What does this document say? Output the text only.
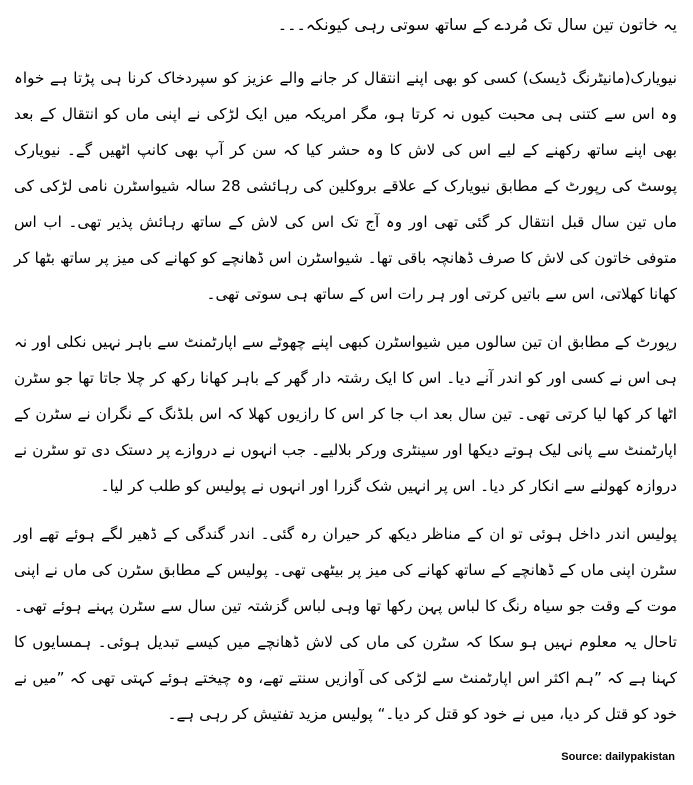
یہ خاتون تین سال تک مُردے کے ساتھ سوتی رہی کیونکہ۔۔۔

نیویارک(مانیٹرنگ ڈیسک) کسی کو بھی اپنے انتقال کر جانے والے عزیز کو سپردخاک کرنا ہی پڑتا ہے خواہ وہ اس سے کتنی ہی محبت کیوں نہ کرتا ہو، مگر امریکہ میں ایک لڑکی نے اپنی ماں کو انتقال کے بعد بھی اپنے ساتھ رکھنے کے لیے اس کی لاش کا وہ حشر کیا کہ سن کر آپ بھی کانپ اٹھیں گے۔ نیویارک پوسٹ کی رپورٹ کے مطابق نیویارک کے علاقے بروکلین کی رہائشی 28 سالہ شیواسٹرن نامی لڑکی کی ماں تین سال قبل انتقال کر گئی تھی اور وہ آج تک اس کی لاش کے ساتھ رہائش پذیر تھی۔ اب اس متوفی خاتون کی لاش کا صرف ڈھانچہ باقی تھا۔ شیواسٹرن اس ڈھانچے کو کھانے کی میز پر ساتھ بٹھا کر کھانا کھلاتی، اس سے باتیں کرتی اور ہر رات اس کے ساتھ ہی سوتی تھی۔

رپورٹ کے مطابق ان تین سالوں میں شیواسٹرن کبھی اپنے چھوٹے سے اپارٹمنٹ سے باہر نہیں نکلی اور نہ ہی اس نے کسی اور کو اندر آنے دیا۔ اس کا ایک رشتہ دار گھر کے باہر کھانا رکھ کر چلا جاتا تھا جو سٹرن اٹھا کر کھا لیا کرتی تھی۔ تین سال بعد اب جا کر اس کا رازیوں کھلا کہ اس بلڈنگ کے نگران نے سٹرن کے اپارٹمنٹ سے پانی لیک ہوتے دیکھا اور سینٹری ورکر بلالیے۔ جب انہوں نے دروازے پر دستک دی تو سٹرن نے دروازہ کھولنے سے انکار کر دیا۔ اس پر انہیں شک گزرا اور انہوں نے پولیس کو طلب کر لیا۔

پولیس اندر داخل ہوئی تو ان کے مناظر دیکھ کر حیران رہ گئی۔ اندر گندگی کے ڈھیر لگے ہوئے تھے اور سٹرن اپنی ماں کے ڈھانچے کے ساتھ کھانے کی میز پر بیٹھی تھی۔ پولیس کے مطابق سٹرن کی ماں نے اپنی موت کے وقت جو سیاہ رنگ کا لباس پہن رکھا تھا وہی لباس گزشتہ تین سال سے سٹرن پہنے ہوئے تھی۔ تاحال یہ معلوم نہیں ہو سکا کہ سٹرن کی ماں کی لاش ڈھانچے میں کیسے تبدیل ہوئی۔ ہمسایوں کا کہنا ہے کہ ”ہم اکثر اس اپارٹمنٹ سے لڑکی کی آوازیں سنتے تھے، وہ چیختے ہوئے کہتی تھی کہ ”میں نے خود کو قتل کر دیا، میں نے خود کو قتل کر دیا۔“ پولیس مزید تفتیش کر رہی ہے۔

Source: dailypakistan
